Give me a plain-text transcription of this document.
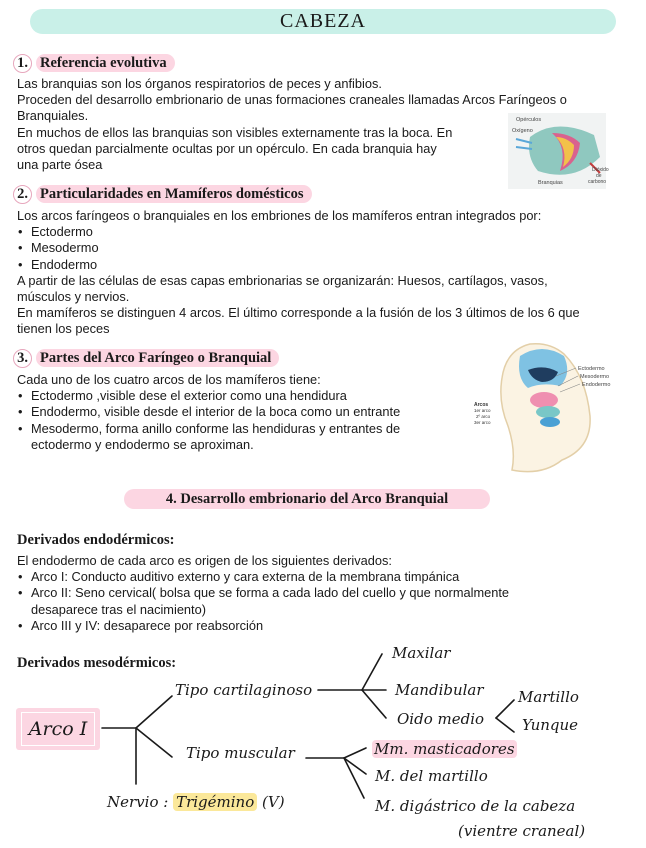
CABEZA
1. Referencia evolutiva

Las branquias son los órganos respiratorios de peces y anfibios.

Proceden del desarrollo embrionario de unas formaciones craneales llamadas Arcos Faríngeos o

Branquiales.

En muchos de ellos las branquias son visibles externamente tras la boca. En

otros quedan parcialmente ocultas por un opérculo. En cada branquia hay

una parte ósea

Opérculos
Oxígeno
Dióxido
de
carbono
Branquias
2. Particularidades en Mamíferos domésticos

Los arcos faríngeos o branquiales en los embriones de los mamíferos entran integrados por:

• Ectodermo
• Mesodermo
• Endodermo

A partir de las células de esas capas embrionarias se organizarán: Huesos, cartílagos, vasos,

músculos y nervios.

En mamíferos se distinguen 4 arcos. El último corresponde a la fusión de los 3 últimos de los 6 que

tienen los peces

3. Partes del Arco Faríngeo o Branquial

Cada uno de los cuatro arcos de los mamíferos tiene:

• Ectodermo ,visible dese el exterior como una hendidura
• Endodermo, visible desde el interior de la boca como un entrante
• Mesodermo, forma anillo conforme las hendiduras y entrantes de
ectodermo y endodermo se aproximan.
Ectodermo
Mesodermo
Endodermo
Arcos
1er arco
2º arco
3er arco
4. Desarrollo embrionario del Arco Branquial
Derivados endodérmicos:

El endodermo de cada arco es origen de los siguientes derivados:

• Arco I: Conducto auditivo externo y cara externa de la membrana timpánica
• Arco II: Seno cervical( bolsa que se forma a cada lado del cuello y que normalmente
desaparece tras el nacimiento)
• Arco III y IV: desaparece por reabsorción
Derivados mesodérmicos:
Arco I
Tipo cartilaginoso
Tipo muscular
Maxilar
Mandibular
Oido medio
Martillo
Yunque
Mm. masticadores
M. del martillo
M. digástrico de la cabeza
(vientre craneal)
Nervio : Trigémino (V)
